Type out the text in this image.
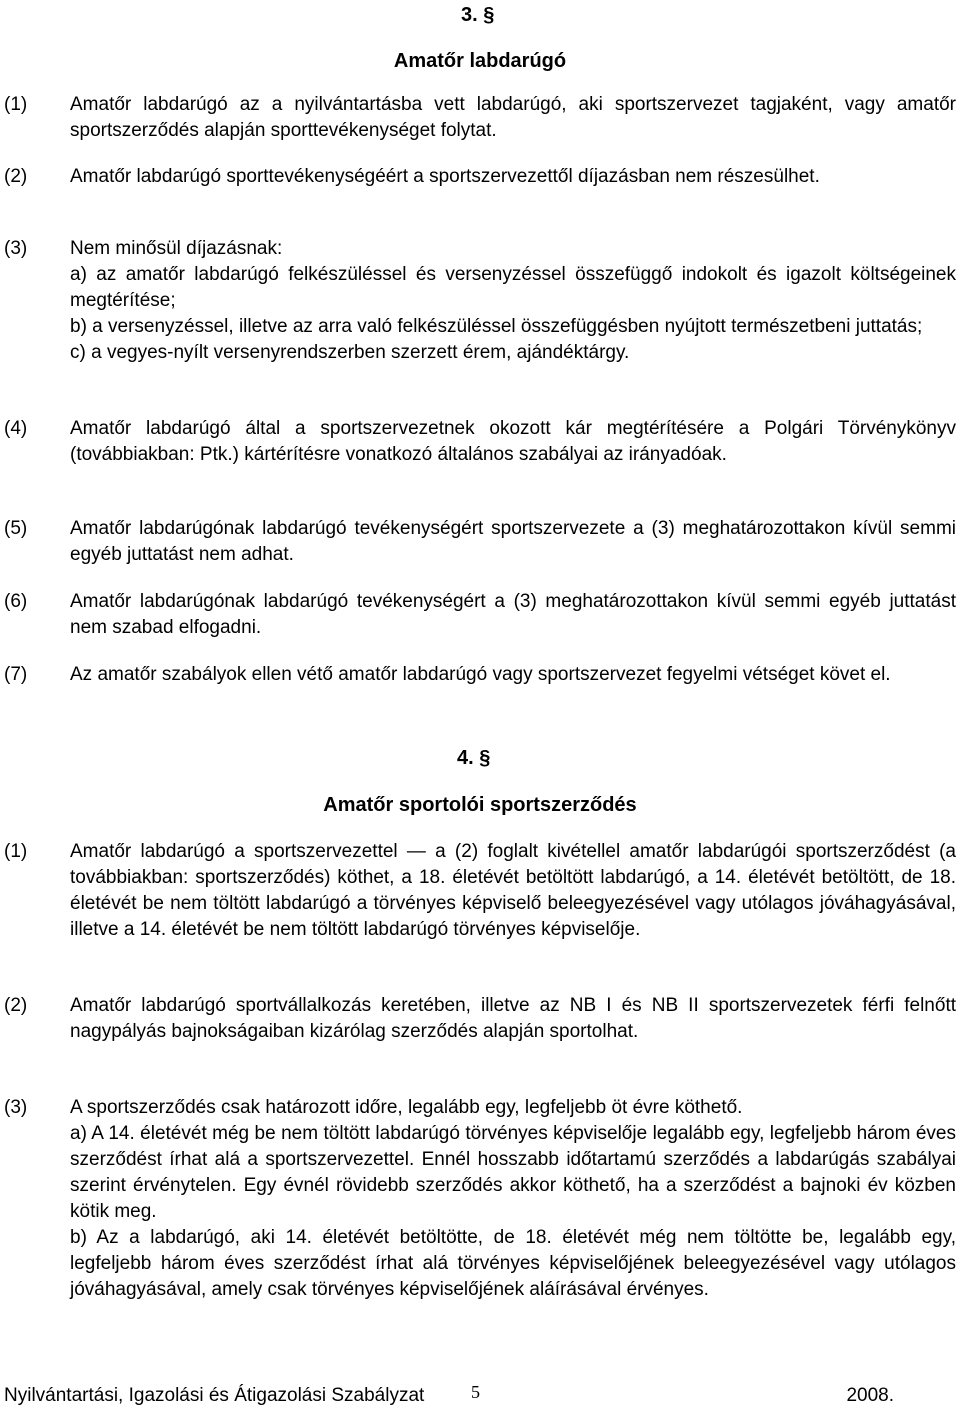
3. §
Amatőr labdarúgó
(1) Amatőr labdarúgó az a nyilvántartásba vett labdarúgó, aki sportszervezet tagjaként, vagy amatőr sportszerződés alapján sporttevékenységet folytat.

(2) Amatőr labdarúgó sporttevékenységéért a sportszervezettől díjazásban nem részesülhet.

(3) Nem minősül díjazásnak:
a) az amatőr labdarúgó felkészüléssel és versenyzéssel összefüggő indokolt és igazolt költségeinek megtérítése;
b) a versenyzéssel, illetve az arra való felkészüléssel összefüggésben nyújtott természetbeni juttatás;
c) a vegyes-nyílt versenyrendszerben szerzett érem, ajándéktárgy.
(4) Amatőr labdarúgó által a sportszervezetnek okozott kár megtérítésére a Polgári Törvénykönyv (továbbiakban: Ptk.) kártérítésre vonatkozó általános szabályai az irányadóak.

(5) Amatőr labdarúgónak labdarúgó tevékenységért sportszervezete a (3) meghatározottakon kívül semmi egyéb juttatást nem adhat.

(6) Amatőr labdarúgónak labdarúgó tevékenységért a (3) meghatározottakon kívül semmi egyéb juttatást nem szabad elfogadni.

(7) Az amatőr szabályok ellen vétő amatőr labdarúgó vagy sportszervezet fegyelmi vétséget követ el.

4. §
Amatőr sportolói sportszerződés
(1) Amatőr labdarúgó a sportszervezettel — a (2) foglalt kivétellel amatőr labdarúgói sportszerződést (a továbbiakban: sportszerződés) köthet, a 18. életévét betöltött labdarúgó, a 14. életévét betöltött, de 18. életévét be nem töltött labdarúgó a törvényes képviselő beleegyezésével vagy utólagos jóváhagyásával, illetve a 14. életévét be nem töltött labdarúgó törvényes képviselője.

(2) Amatőr labdarúgó sportvállalkozás keretében, illetve az NB I és NB II sportszervezetek férfi felnőtt nagypályás bajnokságaiban kizárólag szerződés alapján sportolhat.

(3) A sportszerződés csak határozott időre, legalább egy, legfeljebb öt évre köthető.
a) A 14. életévét még be nem töltött labdarúgó törvényes képviselője legalább egy, legfeljebb három éves szerződést írhat alá a sportszervezettel. Ennél hosszabb időtartamú szerződés a labdarúgás szabályai szerint érvénytelen. Egy évnél rövidebb szerződés akkor köthető, ha a szerződést a bajnoki év közben kötik meg.
b) Az a labdarúgó, aki 14. életévét betöltötte, de 18. életévét még nem töltötte be, legalább egy, legfeljebb három éves szerződést írhat alá törvényes képviselőjének beleegyezésével vagy utólagos jóváhagyásával, amely csak törvényes képviselőjének aláírásával érvényes.
Nyilvántartási, Igazolási és Átigazolási Szabályzat	5	2008.
